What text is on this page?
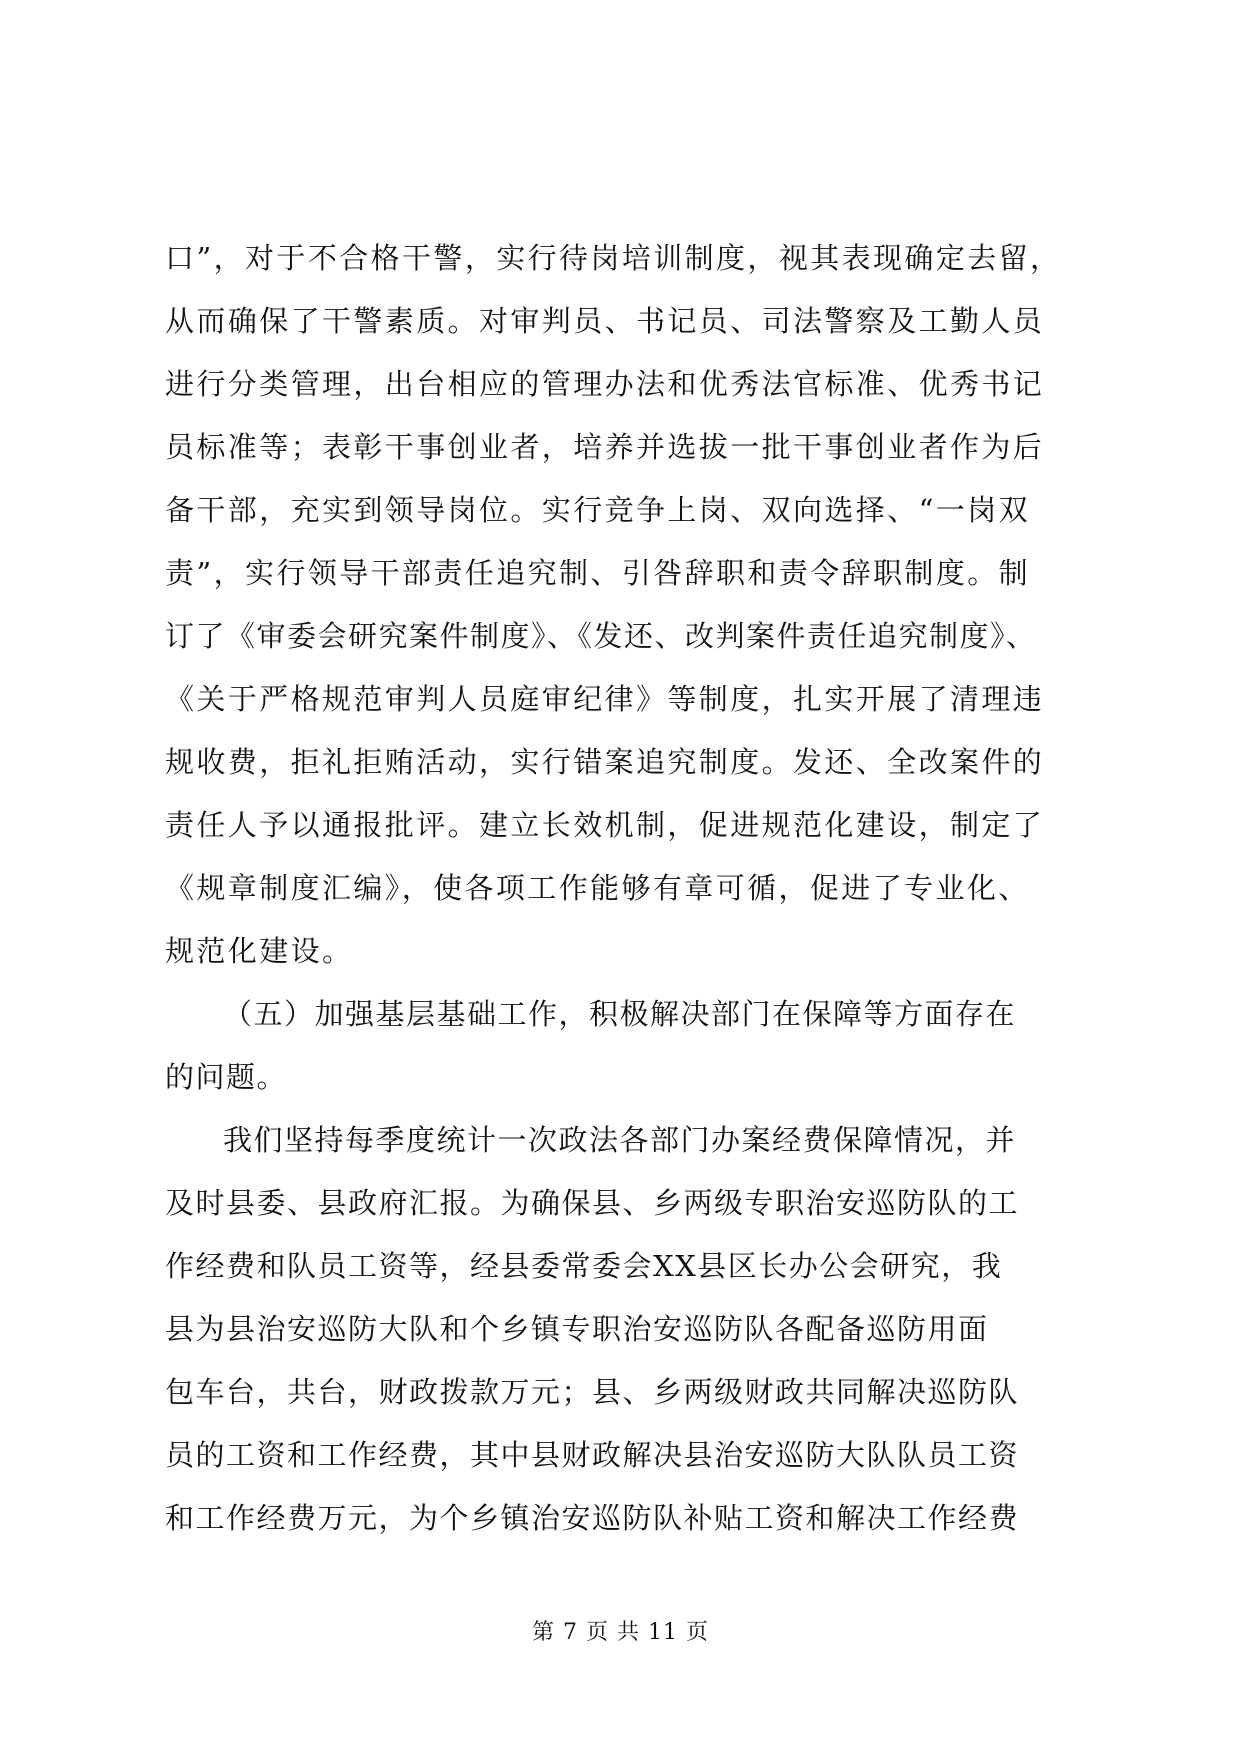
口”，对于不合格干警，实行待岗培训制度，视其表现确定去留，
从而确保了干警素质。对审判员、书记员、司法警察及工勤人员
进行分类管理，出台相应的管理办法和优秀法官标准、优秀书记
员标准等；表彰干事创业者，培养并选拔一批干事创业者作为后
备干部，充实到领导岗位。实行竞争上岗、双向选择、“一岗双
责”，实行领导干部责任追究制、引咎辞职和责令辞职制度。制
订了《审委会研究案件制度》、《发还、改判案件责任追究制度》、
《关于严格规范审判人员庭审纪律》等制度，扎实开展了清理违
规收费，拒礼拒贿活动，实行错案追究制度。发还、全改案件的
责任人予以通报批评。建立长效机制，促进规范化建设，制定了
《规章制度汇编》，使各项工作能够有章可循，促进了专业化、
规范化建设。
（五）加强基层基础工作，积极解决部门在保障等方面存在
的问题。
我们坚持每季度统计一次政法各部门办案经费保障情况，并
及时县委、县政府汇报。为确保县、乡两级专职治安巡防队的工
作经费和队员工资等，经县委常委会XX县区长办公会研究，我
县为县治安巡防大队和个乡镇专职治安巡防队各配备巡防用面
包车台，共台，财政拨款万元；县、乡两级财政共同解决巡防队
员的工资和工作经费，其中县财政解决县治安巡防大队队员工资
和工作经费万元，为个乡镇治安巡防队补贴工资和解决工作经费
第 7 页 共 11 页
